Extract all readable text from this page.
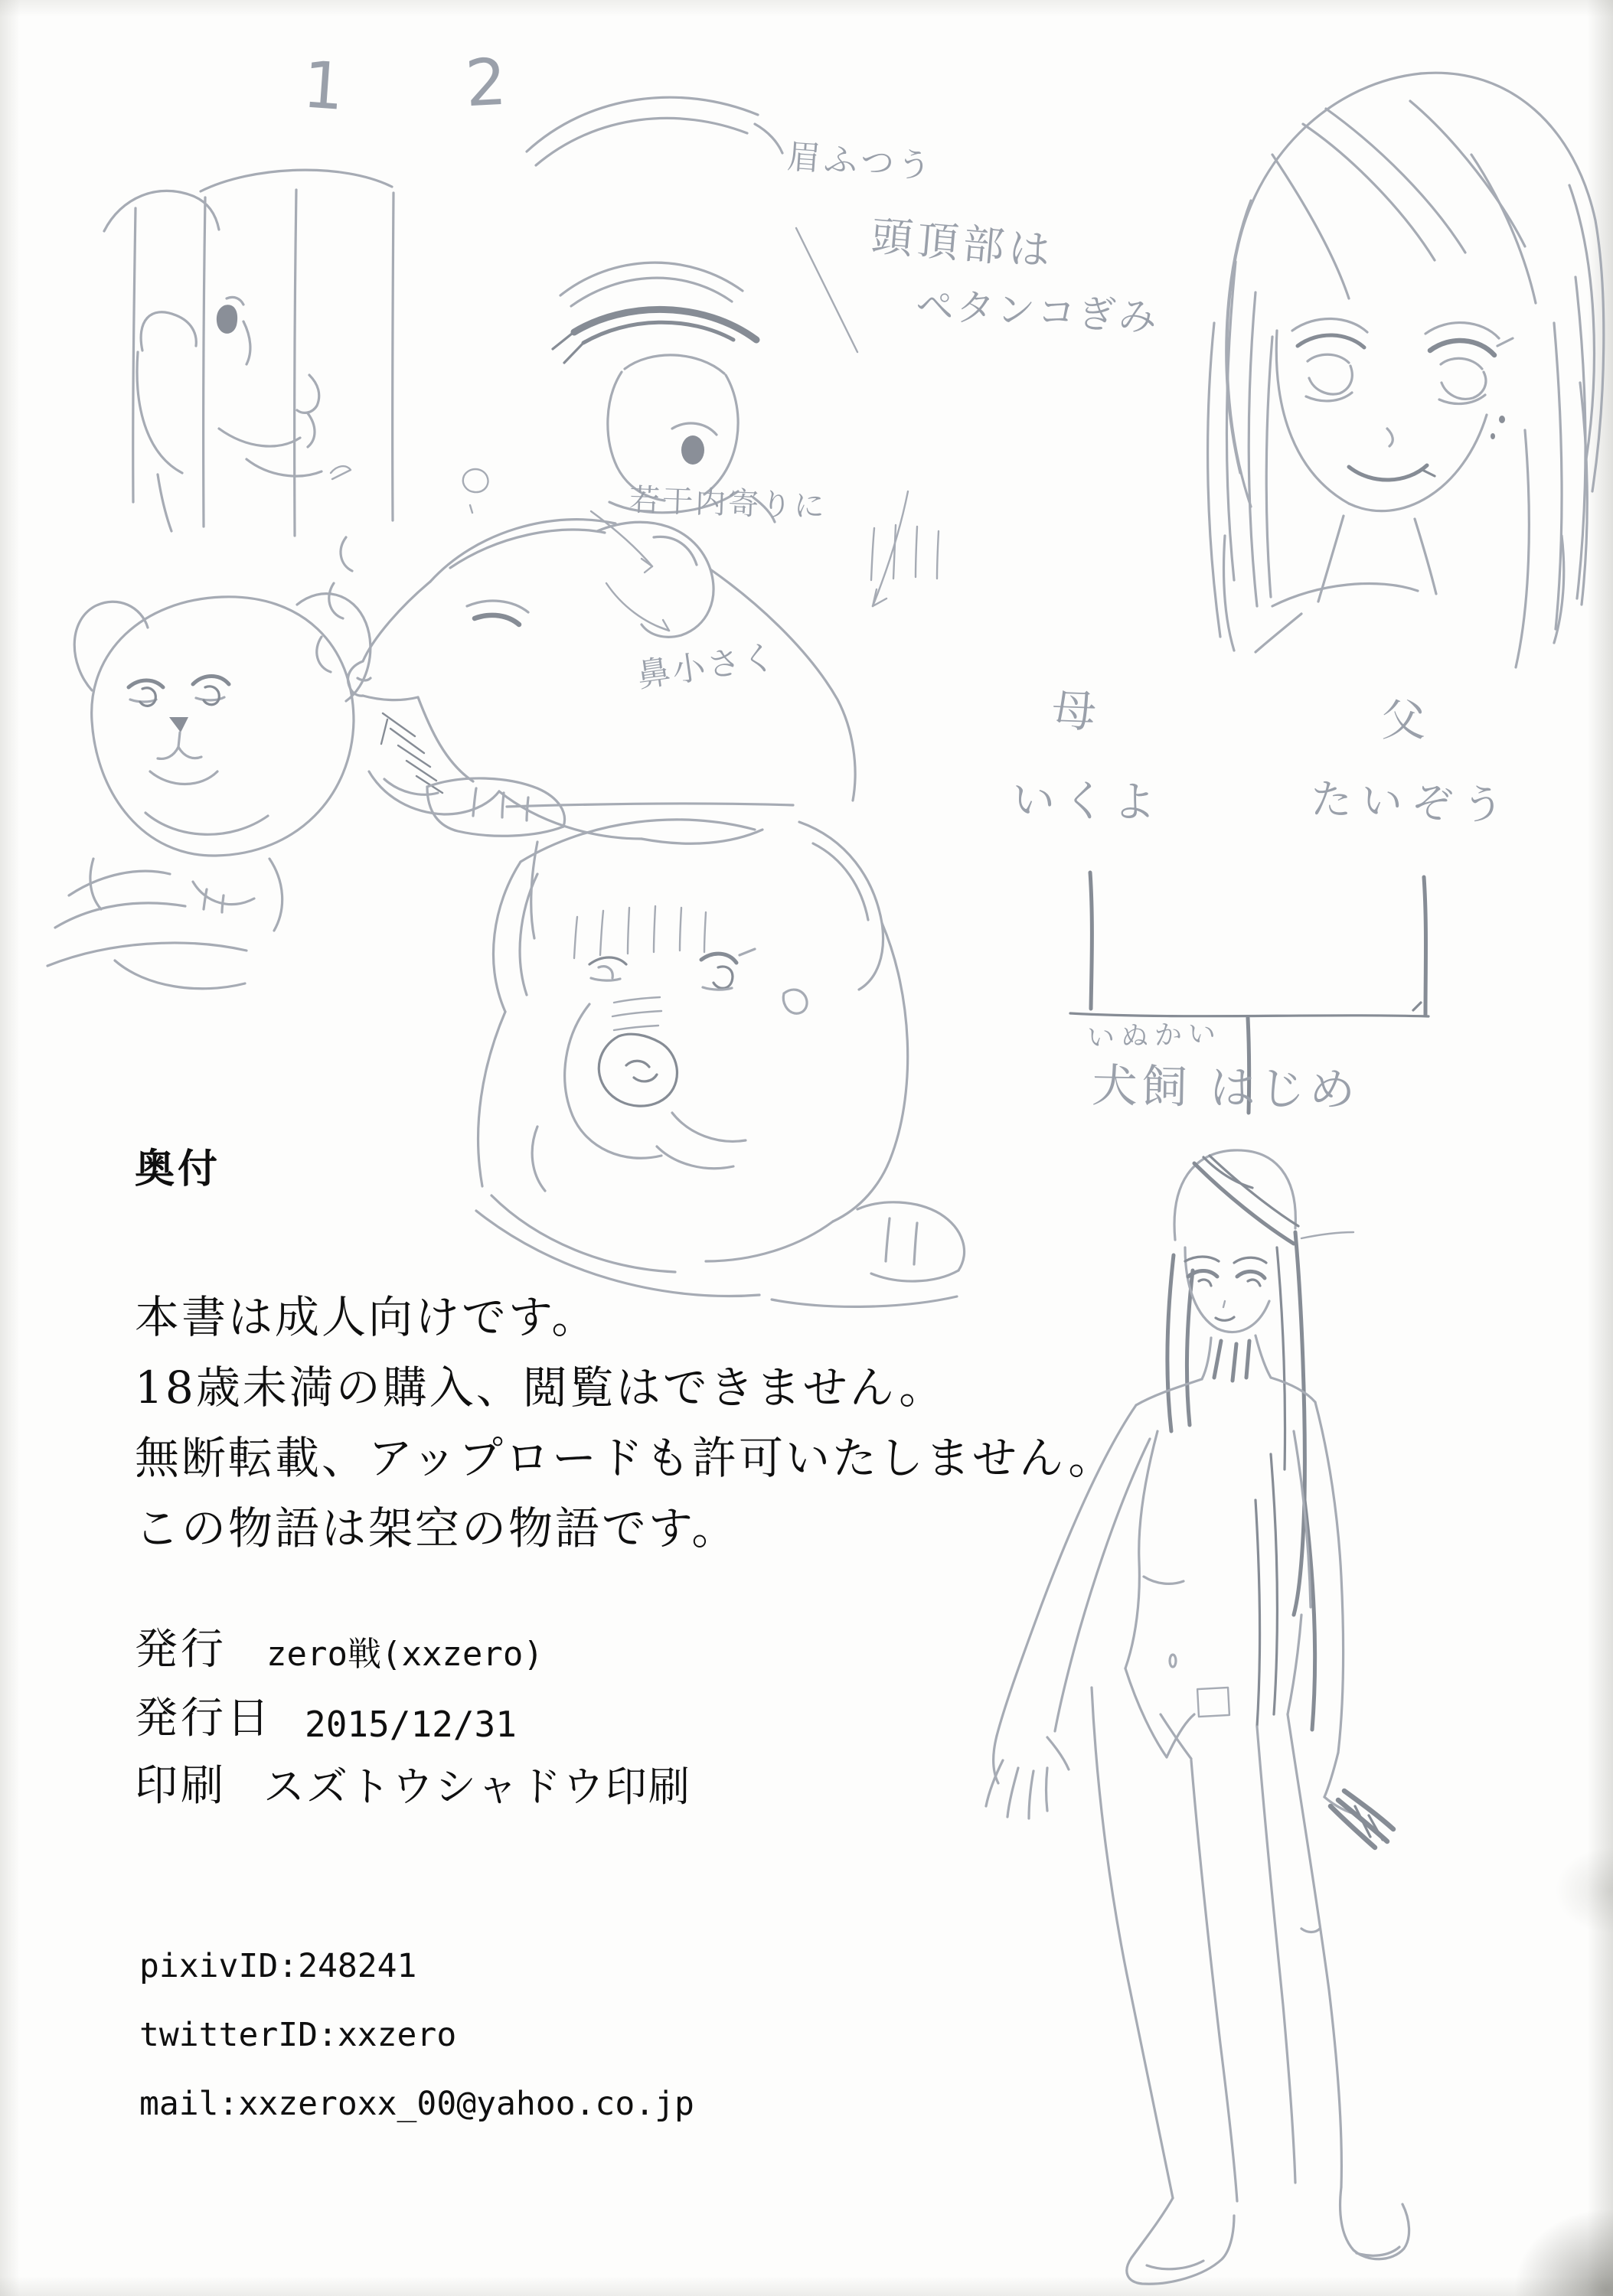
1 2
眉ふつう
頭頂部は
ペタンコぎみ
若干内寄りに
鼻小さく
母
いくよ
父
たいぞう
いぬかい
犬飼 はじめ
奥付
本書は成人向けです。
18歳未満の購入、閲覧はできません。
無断転載、アップロードも許可いたしません。
この物語は架空の物語です。
発行 zero戦(xxzero)
発行日 2015/12/31
印刷 スズトウシャドウ印刷
pixivID:248241
twitterID:xxzero
mail:xxzeroxx_00@yahoo.co.jp
